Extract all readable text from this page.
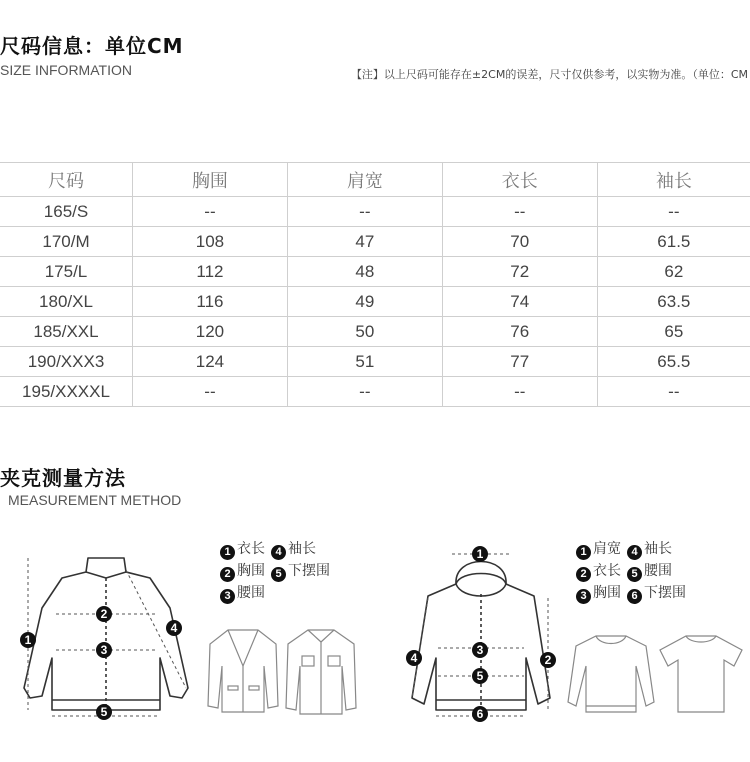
尺码信息：单位CM
SIZE INFORMATION	【注】以上尺码可能存在±2CM的误差，尺寸仅供参考，以实物为准。（单位：CM
尺码	胸围	肩宽	衣长	袖长
165/S	--	--	--	--
170/M	108	47	70	61.5
175/L	112	48	72	62
180/XL	116	49	74	63.5
185/XXL	120	50	76	65
190/XXX3	124	51	77	65.5
195/XXXXL	--	--	--	--
夹克测量方法
MEASUREMENT METHOD
1 衣长 4 袖长
2 胸围 5 下摆围
3 腰围
1 肩宽 4 袖长
2 衣长 5 腰围
3 胸围 6 下摆围
1
2
3
4
5
1
2
3
4
5
6
